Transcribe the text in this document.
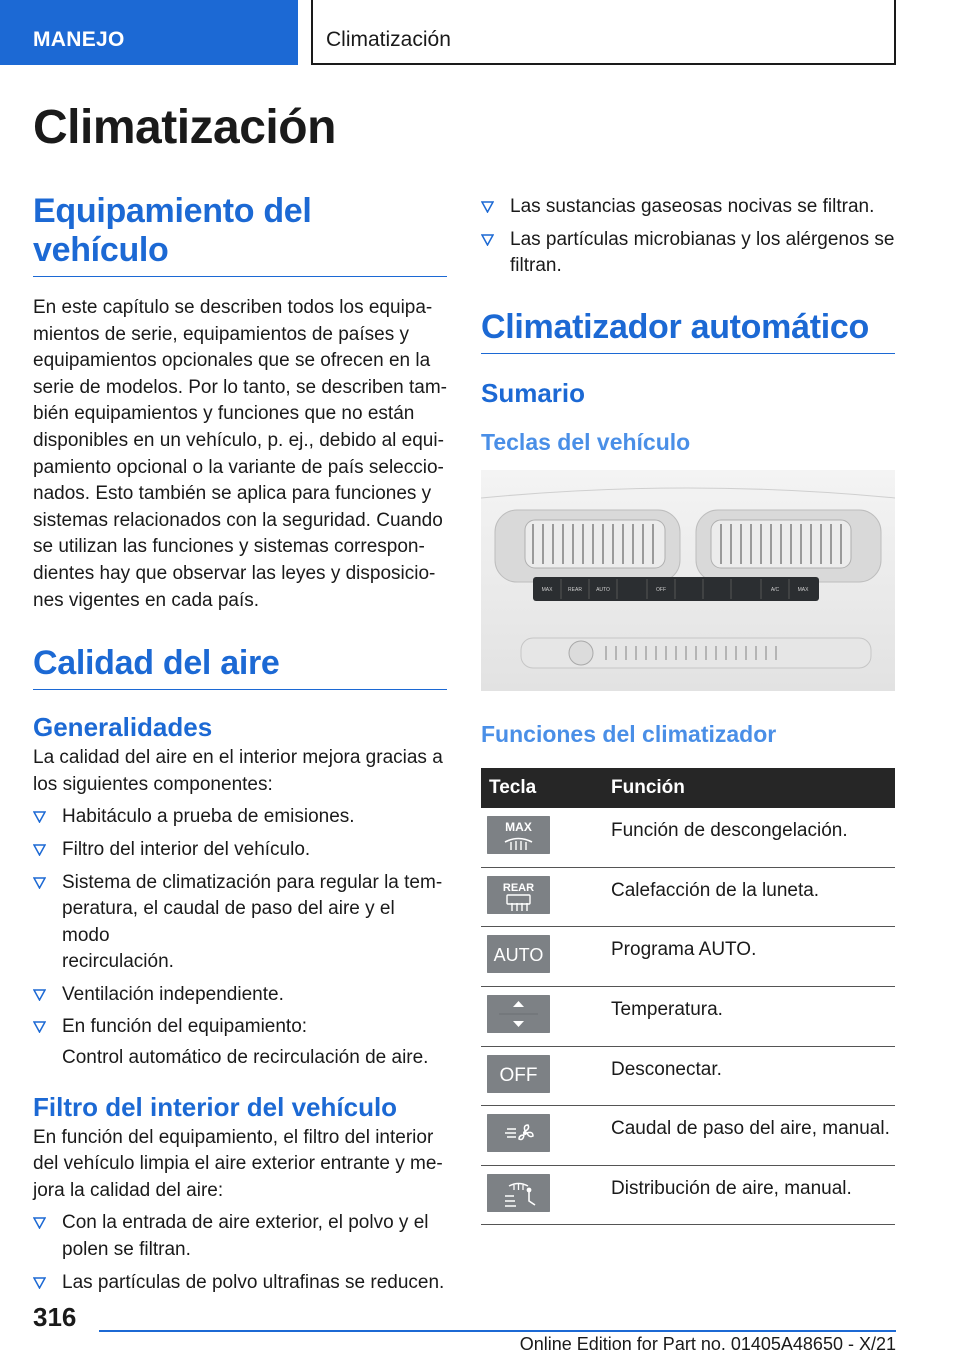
MANEJO	Climatización
Climatización
Equipamiento del vehículo

En este capítulo se describen todos los equipa-
mientos de serie, equipamientos de países y
equipamientos opcionales que se ofrecen en la
serie de modelos. Por lo tanto, se describen tam-
bién equipamientos y funciones que no están
disponibles en un vehículo, p. ej., debido al equi-
pamiento opcional o la variante de país seleccio-
nados. Esto también se aplica para funciones y
sistemas relacionados con la seguridad. Cuando
se utilizan las funciones y sistemas correspon-
dientes hay que observar las leyes y disposicio-
nes vigentes en cada país.

Calidad del aire
Generalidades

La calidad del aire en el interior mejora gracias a
los siguientes componentes:

Habitáculo a prueba de emisiones.
Filtro del interior del vehículo.
Sistema de climatización para regular la tem-
peratura, el caudal de paso del aire y el modo
recirculación.
Ventilación independiente.
En función del equipamiento:
Control automático de recirculación de aire.
Filtro del interior del vehículo

En función del equipamiento, el filtro del interior
del vehículo limpia el aire exterior entrante y me-
jora la calidad del aire:

Con la entrada de aire exterior, el polvo y el
polen se filtran.
Las partículas de polvo ultrafinas se reducen.
Las sustancias gaseosas nocivas se filtran.
Las partículas microbianas y los alérgenos se
filtran.
Climatizador automático
Sumario
Teclas del vehículo
MAX	REAR	AUTO	OFF	A/C	MAX
Funciones del climatizador
Tecla	Función

MAX	Función de descongelación.

REAR	Calefacción de la luneta.

AUTO	Programa AUTO.
	Temperatura.

OFF	Desconectar.
	Caudal de paso del aire, manual.
	Distribución de aire, manual.
316
Online Edition for Part no. 01405A48650 - X/21
